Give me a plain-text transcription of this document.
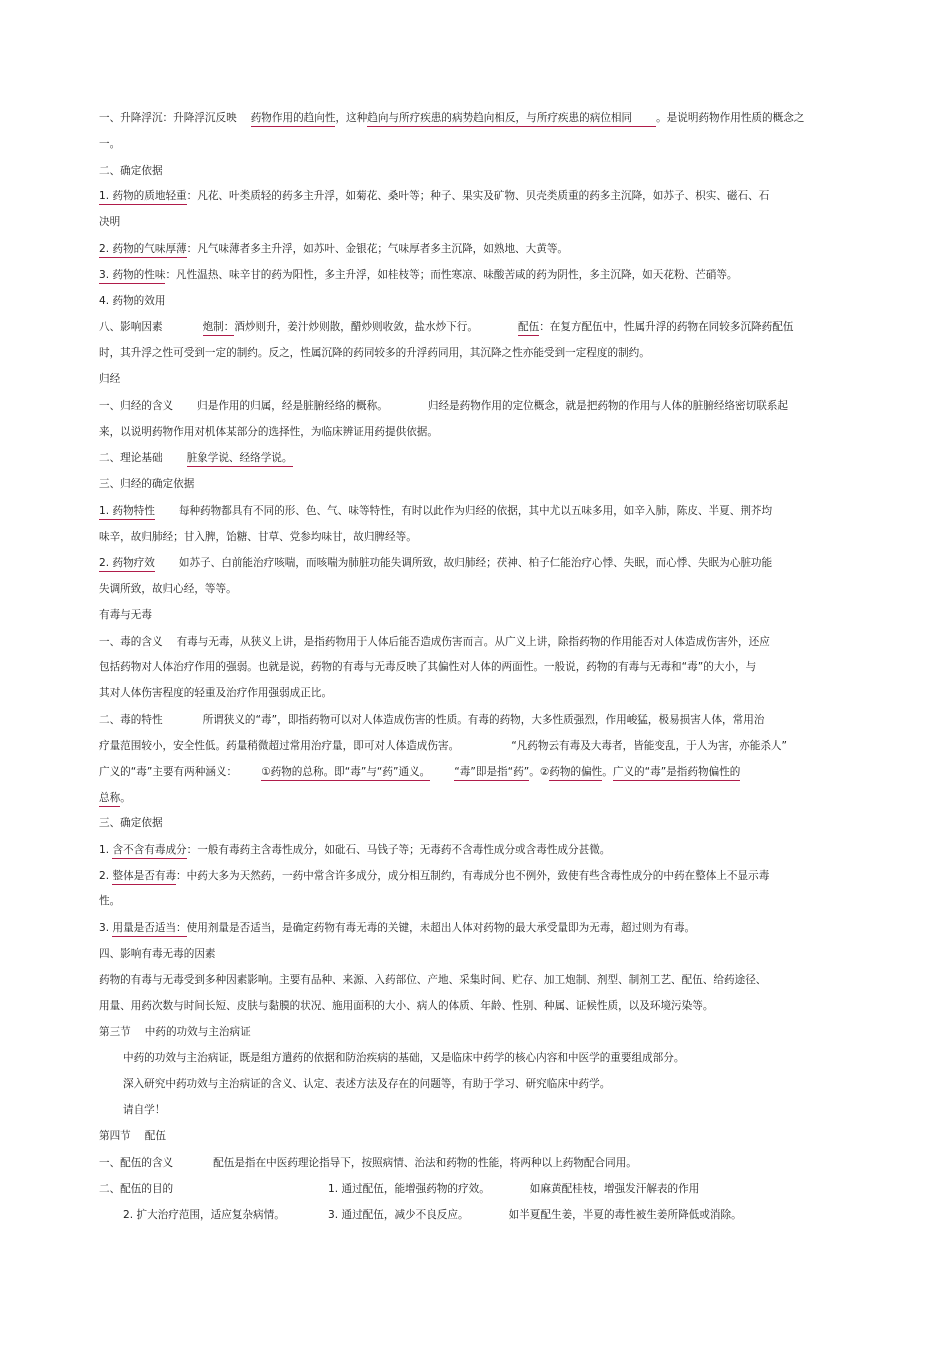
一、升降浮沉：升降浮沉反映 药物作用的趋向性，这种趋向与所疗疾患的病势趋向相反，与所疗疾患的病位相同 。是说明药物作用性质的概念之
一。
二、确定依据
1. 药物的质地轻重：凡花、叶类质轻的药多主升浮，如菊花、桑叶等；种子、果实及矿物、贝壳类质重的药多主沉降，如苏子、枳实、磁石、石
决明
2. 药物的气味厚薄：凡气味薄者多主升浮，如苏叶、金银花；气味厚者多主沉降，如熟地、大黄等。
3. 药物的性味：凡性温热、味辛甘的药为阳性，多主升浮，如桂枝等；而性寒凉、味酸苦咸的药为阴性，多主沉降，如天花粉、芒硝等。
4. 药物的效用
八、影响因素	炮制：酒炒则升，姜汁炒则散，醋炒则收敛，盐水炒下行。	配伍：在复方配伍中，性属升浮的药物在同较多沉降药配伍
时，其升浮之性可受到一定的制约。反之，性属沉降的药同较多的升浮药同用，其沉降之性亦能受到一定程度的制约。
归经
一、归经的含义 归是作用的归属，经是脏腑经络的概称。	归经是药物作用的定位概念，就是把药物的作用与人体的脏腑经络密切联系起
来，以说明药物作用对机体某部分的选择性，为临床辨证用药提供依据。
二、理论基础 脏象学说、经络学说。
三、归经的确定依据
1. 药物特性 每种药物都具有不同的形、色、气、味等特性，有时以此作为归经的依据，其中尤以五味多用，如辛入肺，陈皮、半夏、荆芥均
味辛，故归肺经；甘入脾，饴糖、甘草、党参均味甘，故归脾经等。
2. 药物疗效 如苏子、白前能治疗咳喘，而咳喘为肺脏功能失调所致，故归肺经；茯神、柏子仁能治疗心悸、失眠，而心悸、失眠为心脏功能
失调所致，故归心经，等等。
有毒与无毒
一、毒的含义 有毒与无毒，从狭义上讲，是指药物用于人体后能否造成伤害而言。从广义上讲，除指药物的作用能否对人体造成伤害外，还应
包括药物对人体治疗作用的强弱。也就是说，药物的有毒与无毒反映了其偏性对人体的两面性。一般说，药物的有毒与无毒和“毒”的大小，与
其对人体伤害程度的轻重及治疗作用强弱成正比。
二、毒的特性	所谓狭义的“毒”，即指药物可以对人体造成伤害的性质。有毒的药物，大多性质强烈，作用峻猛，极易损害人体，常用治
疗量范围较小，安全性低。药量稍微超过常用治疗量，即可对人体造成伤害。	“凡药物云有毒及大毒者，皆能变乱，于人为害，亦能杀人”
广义的“毒”主要有两种涵义： ①药物的总称。即“毒”与“药”通义。 “毒”即是指“药”。②药物的偏性。广义的“毒”是指药物偏性的
总称。
三、确定依据
1. 含不含有毒成分：一般有毒药主含毒性成分，如砒石、马钱子等；无毒药不含毒性成分或含毒性成分甚微。
2. 整体是否有毒：中药大多为天然药，一药中常含许多成分，成分相互制约，有毒成分也不例外，致使有些含毒性成分的中药在整体上不显示毒
性。
3. 用量是否适当：使用剂量是否适当，是确定药物有毒无毒的关键，未超出人体对药物的最大承受量即为无毒，超过则为有毒。
四、影响有毒无毒的因素
药物的有毒与无毒受到多种因素影响。主要有品种、来源、入药部位、产地、采集时间、贮存、加工炮制、剂型、制剂工艺、配伍、给药途径、
用量、用药次数与时间长短、皮肤与黏膜的状况、施用面积的大小、病人的体质、年龄、性别、种属、证候性质，以及环境污染等。
第三节 中药的功效与主治病证
中药的功效与主治病证，既是组方遣药的依据和防治疾病的基础，又是临床中药学的核心内容和中医学的重要组成部分。
深入研究中药功效与主治病证的含义、认定、表述方法及存在的问题等，有助于学习、研究临床中药学。
请自学！
第四节 配伍
一、配伍的含义	配伍是指在中医药理论指导下，按照病情、治法和药物的性能，将两种以上药物配合同用。
二、配伍的目的	1. 通过配伍，能增强药物的疗效。	如麻黄配桂枝，增强发汗解表的作用
2. 扩大治疗范围，适应复杂病情。	3. 通过配伍，减少不良反应。	如半夏配生姜，半夏的毒性被生姜所降低或消除。
